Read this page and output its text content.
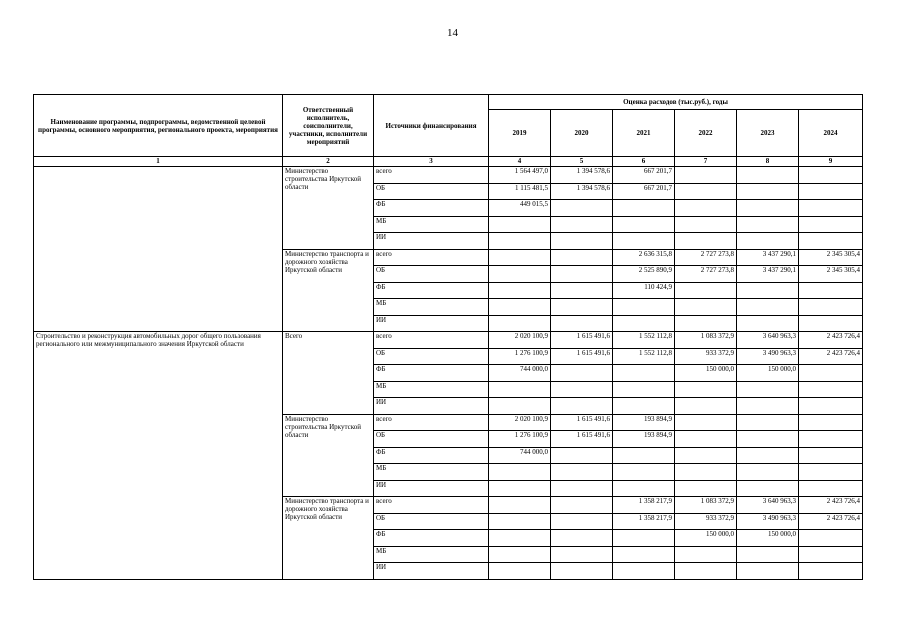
14
Наименование программы, подпрограммы, ведомственной целевой программы, основного мероприятия, регионального проекта, мероприятия	Ответственный исполнитель, соисполнители, участники, исполнители мероприятий	Источники финансирования	Оценка расходов (тыс.руб.), годы					
			2019	2020	2021	2022	2023	2024
1	2	3	4	5	6	7	8	9
	Министерство строительства Иркутской области	всего	1 564 497,0	1 394 578,6	667 201,7			
		ОБ	1 115 481,5	1 394 578,6	667 201,7			
		ФБ	449 015,5					
		МБ						
		ИИ						
	Министерство транспорта и дорожного хозяйства Иркутской области	всего			2 636 315,8	2 727 273,8	3 437 290,1	2 345 305,4
		ОБ			2 525 890,9	2 727 273,8	3 437 290,1	2 345 305,4
		ФБ			110 424,9			
		МБ						
		ИИ						
Строительство и реконструкция автомобильных дорог общего пользования регионального или межмуниципального значения Иркутской области	Всего	всего	2 020 100,9	1 615 491,6	1 552 112,8	1 083 372,9	3 640 963,3	2 423 726,4
		ОБ	1 276 100,9	1 615 491,6	1 552 112,8	933 372,9	3 490 963,3	2 423 726,4
		ФБ	744 000,0			150 000,0	150 000,0	
		МБ						
		ИИ						
	Министерство строительства Иркутской области	всего	2 020 100,9	1 615 491,6	193 894,9			
		ОБ	1 276 100,9	1 615 491,6	193 894,9			
		ФБ	744 000,0					
		МБ						
		ИИ						
	Министерство транспорта и дорожного хозяйства Иркутской области	всего			1 358 217,9	1 083 372,9	3 640 963,3	2 423 726,4
		ОБ			1 358 217,9	933 372,9	3 490 963,3	2 423 726,4
		ФБ				150 000,0	150 000,0	
		МБ						
		ИИ						
